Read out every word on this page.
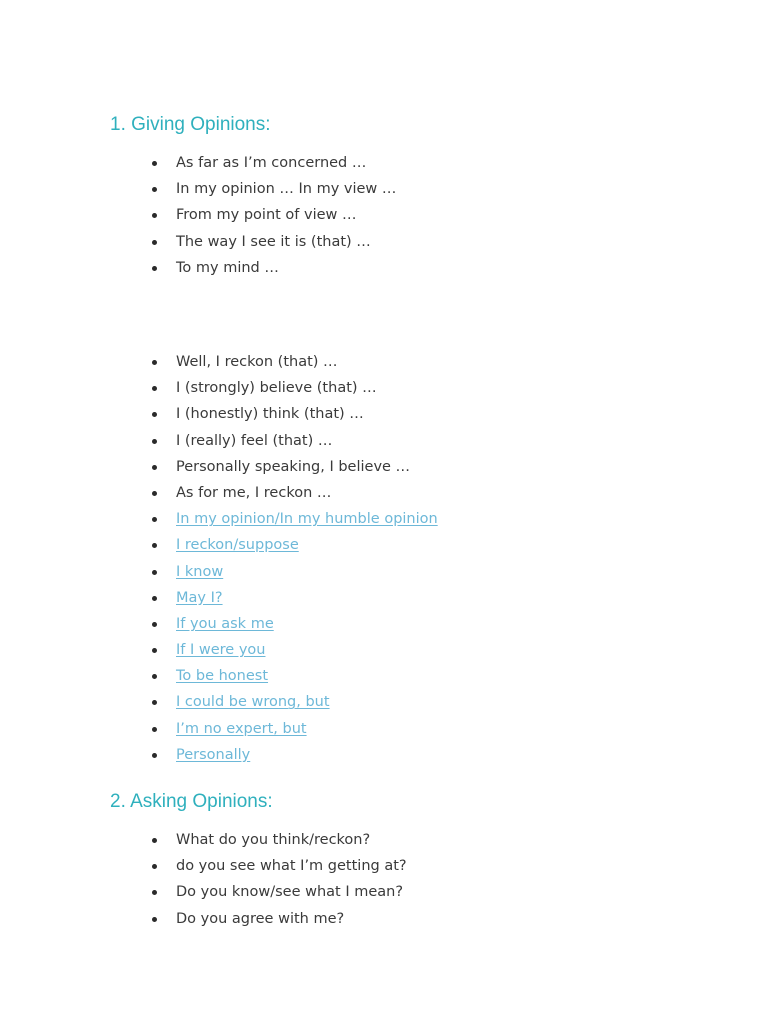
1. Giving Opinions:
As far as I’m concerned …
In my opinion … In my view …
From my point of view …
The way I see it is (that) …
To my mind …
Well, I reckon (that) …
I (strongly) believe (that) …
I (honestly) think (that) …
I (really) feel (that) …
Personally speaking, I believe …
As for me, I reckon …
In my opinion/In my humble opinion
I reckon/suppose
I know
May I?
If you ask me
If I were you
To be honest
I could be wrong, but
I’m no expert, but
Personally
2. Asking Opinions:
What do you think/reckon?
do you see what I’m getting at?
Do you know/see what I mean?
Do you agree with me?
